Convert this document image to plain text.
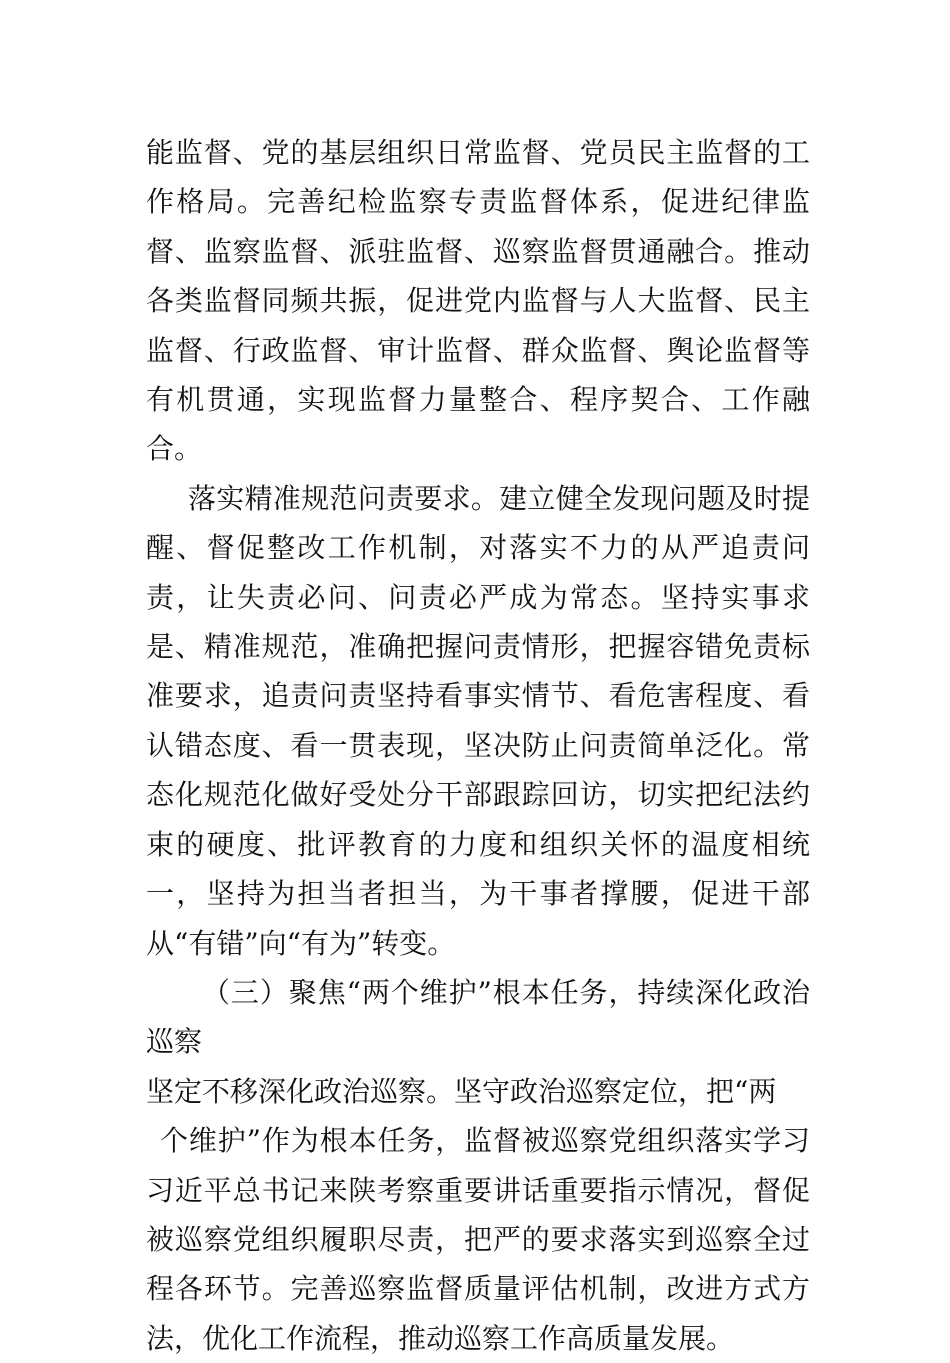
能监督、党的基层组织日常监督、党员民主监督的工作格局。完善纪检监察专责监督体系，促进纪律监督、监察监督、派驻监督、巡察监督贯通融合。推动各类监督同频共振，促进党内监督与人大监督、民主监督、行政监督、审计监督、群众监督、舆论监督等有机贯通，实现监督力量整合、程序契合、工作融合。

落实精准规范问责要求。建立健全发现问题及时提醒、督促整改工作机制，对落实不力的从严追责问责，让失责必问、问责必严成为常态。坚持实事求是、精准规范，准确把握问责情形，把握容错免责标准要求，追责问责坚持看事实情节、看危害程度、看认错态度、看一贯表现，坚决防止问责简单泛化。常态化规范化做好受处分干部跟踪回访，切实把纪法约束的硬度、批评教育的力度和组织关怀的温度相统一，坚持为担当者担当，为干事者撑腰，促进干部从“有错”向“有为”转变。

（三）聚焦“两个维护”根本任务，持续深化政治巡察

坚定不移深化政治巡察。坚守政治巡察定位，把“两

个维护”作为根本任务，监督被巡察党组织落实学习习近平总书记来陕考察重要讲话重要指示情况，督促被巡察党组织履职尽责，把严的要求落实到巡察全过程各环节。完善巡察监督质量评估机制，改进方式方法，优化工作流程，推动巡察工作高质量发展。
